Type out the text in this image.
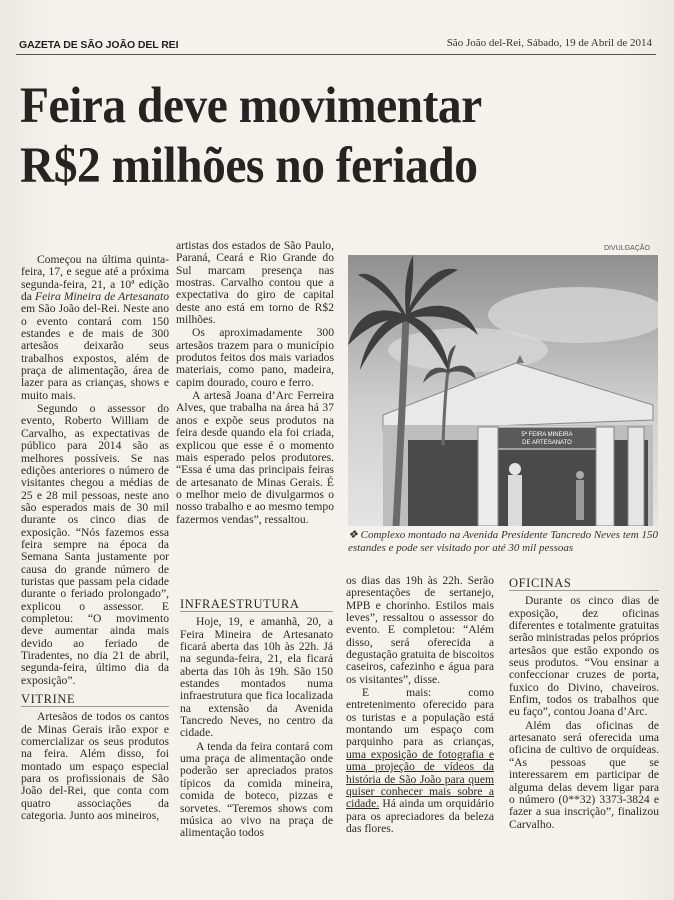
GAZETA DE SÃO JOÃO DEL REI	São João del-Rei, Sábado, 19 de Abril de 2014
Feira deve movimentar
R$2 milhões no feriado

Começou na última quinta-feira, 17, e segue até a próxima segunda-feira, 21, a 10ª edição da Feira Mineira de Artesanato em São João del-Rei. Neste ano o evento contará com 150 estandes e de mais de 300 artesãos deixarão seus trabalhos expostos, além de praça de alimentação, área de lazer para as crianças, shows e muito mais.

Segundo o assessor do evento, Roberto William de Carvalho, as expectativas de público para 2014 são as melhores possíveis. Se nas edições anteriores o número de visitantes chegou a médias de 25 e 28 mil pessoas, neste ano são esperados mais de 30 mil durante os cinco dias de exposição. “Nós fazemos essa feira sempre na época da Semana Santa justamente por causa do grande número de turistas que passam pela cidade durante o feriado prolongado”, explicou o assessor. E completou: “O movimento deve aumentar ainda mais devido ao feriado de Tiradentes, no dia 21 de abril, segunda-feira, último dia da exposição”.

VITRINE

Artesãos de todos os cantos de Minas Gerais irão expor e comercializar os seus produtos na feira. Além disso, foi montado um espaço especial para os profissionais de São João del-Rei, que conta com quatro associações da categoria. Junto aos mineiros,

artistas dos estados de São Paulo, Paraná, Ceará e Rio Grande do Sul marcam presença nas mostras. Carvalho contou que a expectativa do giro de capital deste ano está em torno de R$2 milhões.

Os aproximadamente 300 artesãos trazem para o município produtos feitos dos mais variados materiais, como pano, madeira, capim dourado, couro e ferro.

A artesã Joana d’Arc Ferreira Alves, que trabalha na área há 37 anos e expõe seus produtos na feira desde quando ela foi criada, explicou que esse é o momento mais esperado pelos produtores. “Essa é uma das principais feiras de artesanato de Minas Gerais. É o melhor meio de divulgarmos o nosso trabalho e ao mesmo tempo fazermos vendas”, ressaltou.

DIVULGAÇÃO
5ª FEIRA MINEIRA
DE ARTESANATO
❖ Complexo montado na Avenida Presidente Tancredo Neves tem 150 estandes e pode ser visitado por até 30 mil pessoas
INFRAESTRUTURA

Hoje, 19, e amanhã, 20, a Feira Mineira de Artesanato ficará aberta das 10h às 22h. Já na segunda-feira, 21, ela ficará aberta das 10h às 19h. São 150 estandes montados numa infraestrutura que fica localizada na extensão da Avenida Tancredo Neves, no centro da cidade.

A tenda da feira contará com uma praça de alimentação onde poderão ser apreciados pratos típicos da comida mineira, comida de boteco, pizzas e sorvetes. “Teremos shows com música ao vivo na praça de alimentação todos

os dias das 19h às 22h. Serão apresentações de sertanejo, MPB e chorinho. Estilos mais leves”, ressaltou o assessor do evento. E completou: “Além disso, será oferecida a degustação gratuita de biscoitos caseiros, cafezinho e água para os visitantes”, disse.

E mais: como entretenimento oferecido para os turistas e a população está montando um espaço com parquinho para as crianças, uma exposição de fotografia e uma projeção de vídeos da história de São João para quem quiser conhecer mais sobre a cidade. Há ainda um orquidário para os apreciadores da beleza das flores.

OFICINAS

Durante os cinco dias de exposição, dez oficinas diferentes e totalmente gratuitas serão ministradas pelos próprios artesãos que estão expondo os seus produtos. “Vou ensinar a confeccionar cruzes de porta, fuxico do Divino, chaveiros. Enfim, todos os trabalhos que eu faço”, contou Joana d’Arc.

Além das oficinas de artesanato será oferecida uma oficina de cultivo de orquídeas. “As pessoas que se interessarem em participar de alguma delas devem ligar para o número (0**32) 3373-3824 e fazer a sua inscrição”, finalizou Carvalho.
